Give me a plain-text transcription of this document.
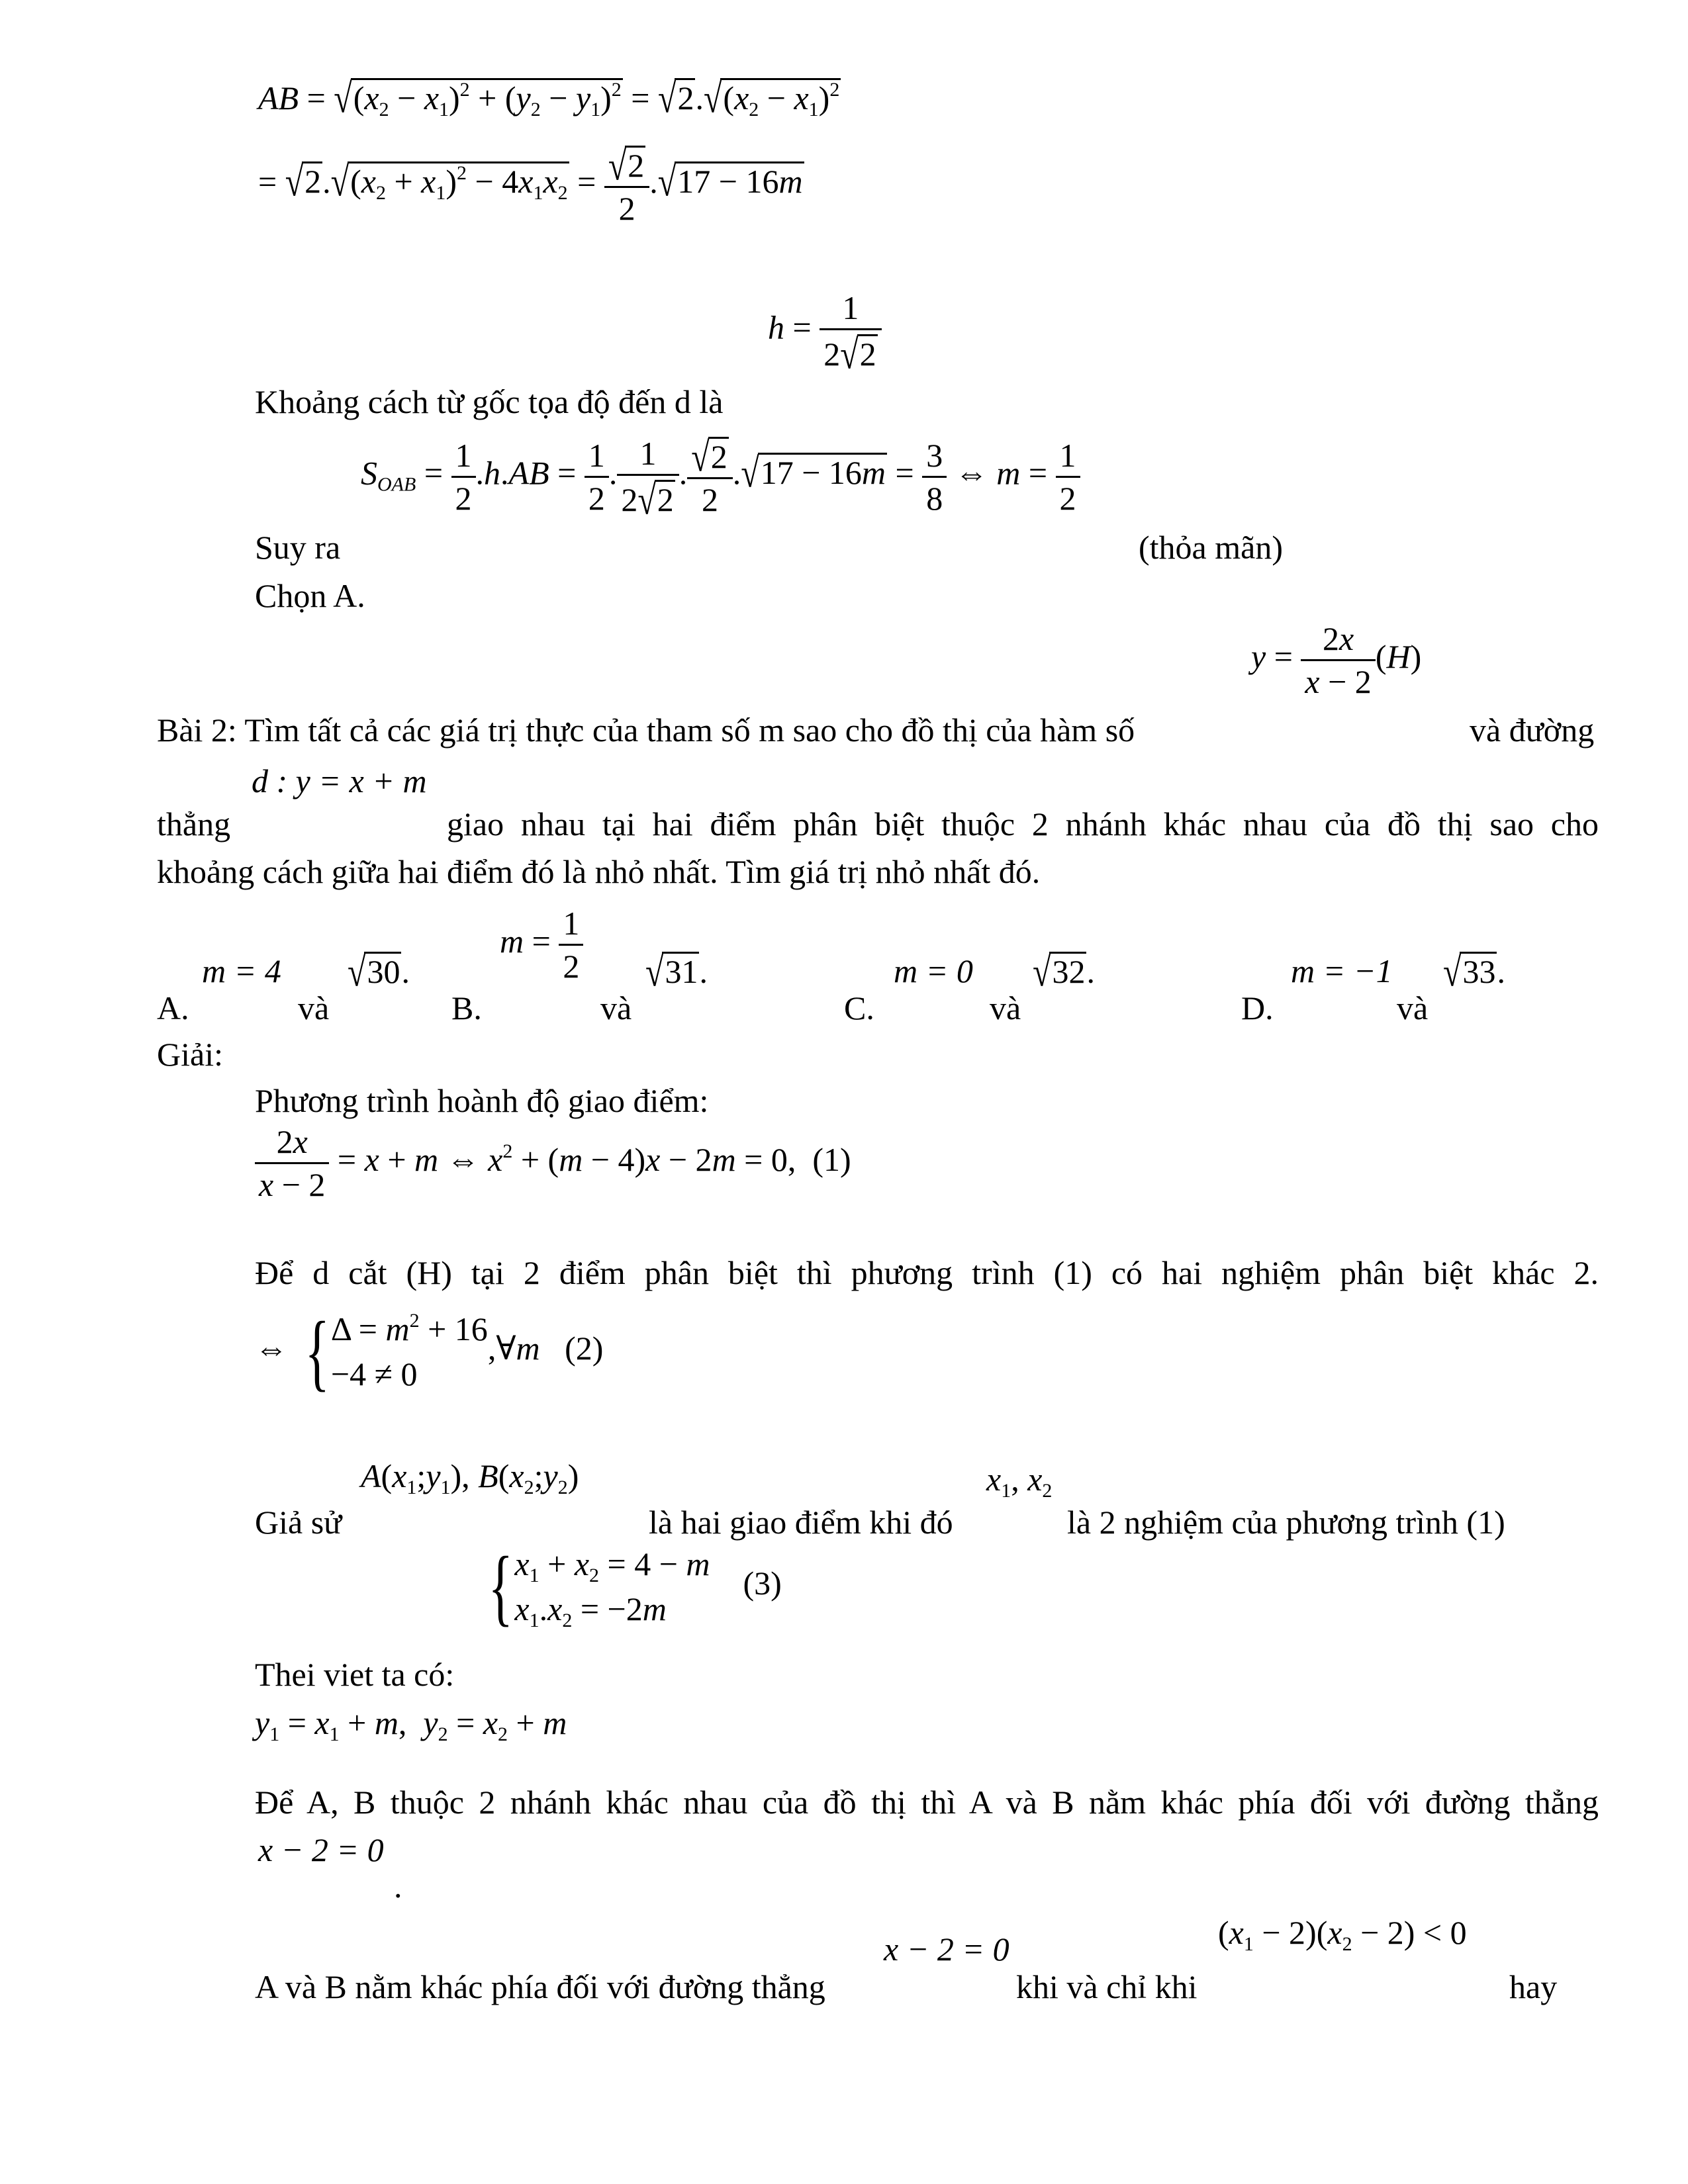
AB = $√(x_2 - x_1)^2 + (y_2 - y_1)^2 = √2.√(x_2 - x_1)^2$
= $√2.√(x_2 + x_1)^2 - 4x_1x_2 = \frac{√2}{2} .√17 - 16m$
$h = \frac{1}{2√2}$
Khoảng cách từ gốc tọa độ đến d là
$S_{OAB} = \frac{1}{2} .h.AB = \frac{1}{2}$ . $\frac{1}{2√2}$ . $\frac{√2}{2} .√17 - 16m = \frac{3}{8}$ ⇔ $m = \frac{1}{2}$
Suy ra	(thỏa mãn)
Chọn A.
$y = \frac{2x}{x - 2} (H)$
Bài 2: Tìm tất cả các giá trị thực của tham số m sao cho đồ thị của hàm số	và đường
d : y = x + m
thẳng	giao nhau tại hai điểm phân biệt thuộc 2 nhánh khác nhau của đồ thị sao cho
khoảng cách giữa hai điểm đó là nhỏ nhất. Tìm giá trị nhỏ nhất đó.
m = 4 √30.
A.	và
$m = \frac{1}{2} √31$.
B.	và
m = 0 √32.
C.	và
m = −1 √33.
D.	và
Giải:
Phương trình hoành độ giao điểm:
$\frac{2x}{x - 2} = x + m$ ⇔ $x^2 + (m - 4)x - 2m = 0$,  (1)
Để d cắt (H) tại 2 điểm phân biệt thì phương trình (1) có hai nghiệm phân biệt khác 2.
⇔ {$\Delta = m^2 + 16$
−4 ≠ 0,∀m   (2)
$A(x_1;y_1)$, $B(x_2;y_2)$	$x_1$, $x_2$
Giả sử	là hai giao điểm khi đó	là 2 nghiệm của phương trình (1)
{$x_1 + x_2 = 4 - m$
$x_1.x_2 = -2m$    (3)
Thei viet ta có:
$y_1 = x_1 + m$,  $y_2 = x_2 + m$
Để A, B thuộc 2 nhánh khác nhau của đồ thị thì A và B nằm khác phía đối với đường thẳng
x − 2 = 0
.
x − 2 = 0	$(x_1 - 2)(x_2 - 2) < 0$
A và B nằm khác phía đối với đường thẳng	khi và chỉ khi	hay
